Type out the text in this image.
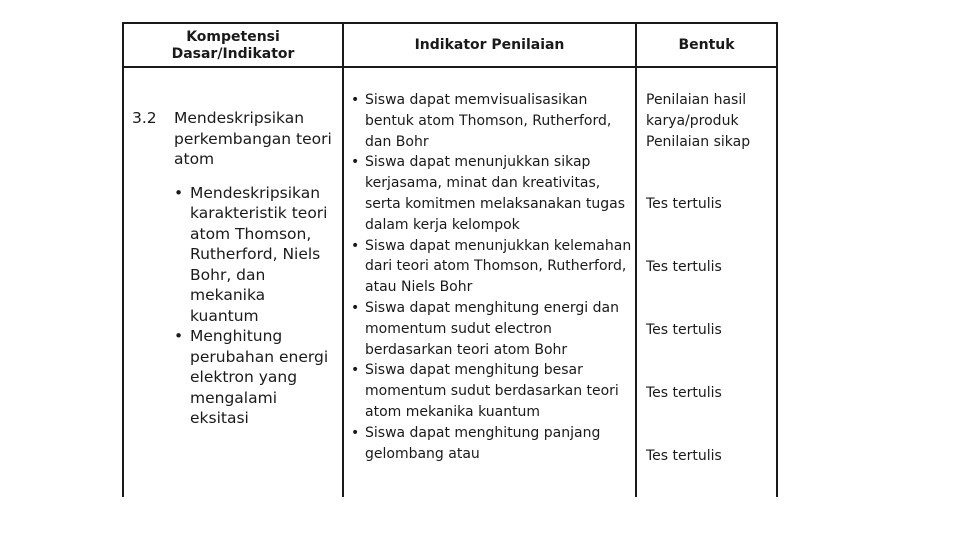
Kompetensi Dasar/Indikator
Indikator Penilaian	Bentuk
3.2	Mendeskripsikan perkembangan teori atom
• Mendeskripsikan karakteristik teori atom Thomson, Rutherford, Niels Bohr, dan mekanika kuantum
• Menghitung perubahan energi elektron yang mengalami eksitasi
• Siswa dapat memvisualisasikan bentuk atom Thomson, Rutherford, dan Bohr
• Siswa dapat menunjukkan sikap kerjasama, minat dan kreativitas, serta komitmen melaksanakan tugas dalam kerja kelompok
• Siswa dapat menunjukkan kelemahan dari teori atom Thomson, Rutherford, atau Niels Bohr
• Siswa dapat menghitung energi dan momentum sudut electron berdasarkan teori atom Bohr
• Siswa dapat menghitung besar momentum sudut berdasarkan teori atom mekanika kuantum
• Siswa dapat menghitung panjang gelombang atau
Penilaian hasil karya/produk
Penilaian sikap
Tes tertulis
Tes tertulis
Tes tertulis
Tes tertulis
Tes tertulis
